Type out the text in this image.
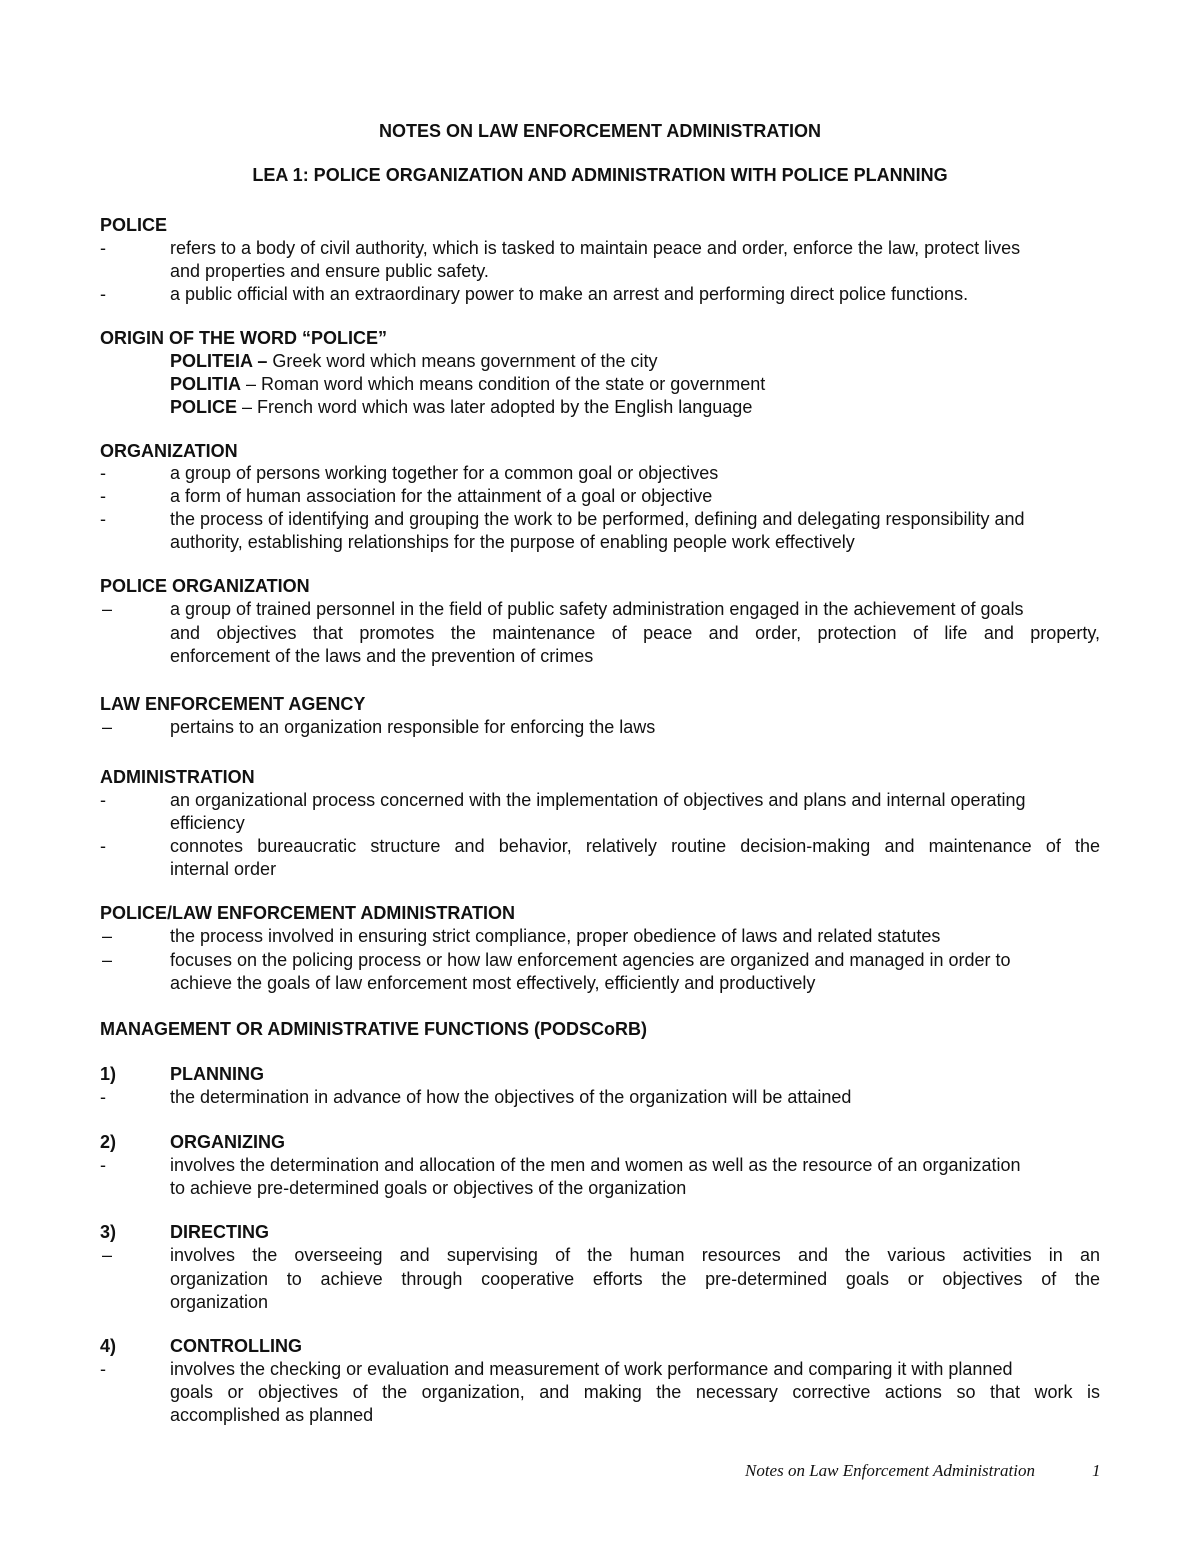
NOTES ON LAW ENFORCEMENT ADMINISTRATION
LEA 1: POLICE ORGANIZATION AND ADMINISTRATION WITH POLICE PLANNING
POLICE
-	refers to a body of civil authority, which is tasked to maintain peace and order, enforce the law, protect lives
and properties and ensure public safety.
-	a public official with an extraordinary power to make an arrest and performing direct police functions.
ORIGIN OF THE WORD “POLICE”
POLITEIA – Greek word which means government of the city
POLITIA – Roman word which means condition of the state or government
POLICE – French word which was later adopted by the English language
ORGANIZATION
-	a group of persons working together for a common goal or objectives
-	a form of human association for the attainment of a goal or objective
-	the process of identifying and grouping the work to be performed, defining and delegating responsibility and
authority, establishing relationships for the purpose of enabling people work effectively
POLICE ORGANIZATION
–	a group of trained personnel in the field of public safety administration engaged in the achievement of goals
and objectives that promotes the maintenance of peace and order, protection of life and property,
enforcement of the laws and the prevention of crimes
LAW ENFORCEMENT AGENCY
–	pertains to an organization responsible for enforcing the laws
ADMINISTRATION
-	an organizational process concerned with the implementation of objectives and plans and internal operating
efficiency
-	connotes bureaucratic structure and behavior, relatively routine decision-making and maintenance of the
internal order
POLICE/LAW ENFORCEMENT ADMINISTRATION
–	the process involved in ensuring strict compliance, proper obedience of laws and related statutes
–	focuses on the policing process or how law enforcement agencies are organized and managed in order to
achieve the goals of law enforcement most effectively, efficiently and productively
MANAGEMENT OR ADMINISTRATIVE FUNCTIONS (PODSCoRB)
1)	PLANNING
-	the determination in advance of how the objectives of the organization will be attained
2)	ORGANIZING
-	involves the determination and allocation of the men and women as well as the resource of an organization
to achieve pre-determined goals or objectives of the organization
3)	DIRECTING
–	involves the overseeing and supervising of the human resources and the various activities in an
organization to achieve through cooperative efforts the pre-determined goals or objectives of the
organization
4)	CONTROLLING
-	involves the checking or evaluation and measurement of work performance and comparing it with planned
goals or objectives of the organization, and making the necessary corrective actions so that work is
accomplished as planned
Notes on Law Enforcement Administration	1
